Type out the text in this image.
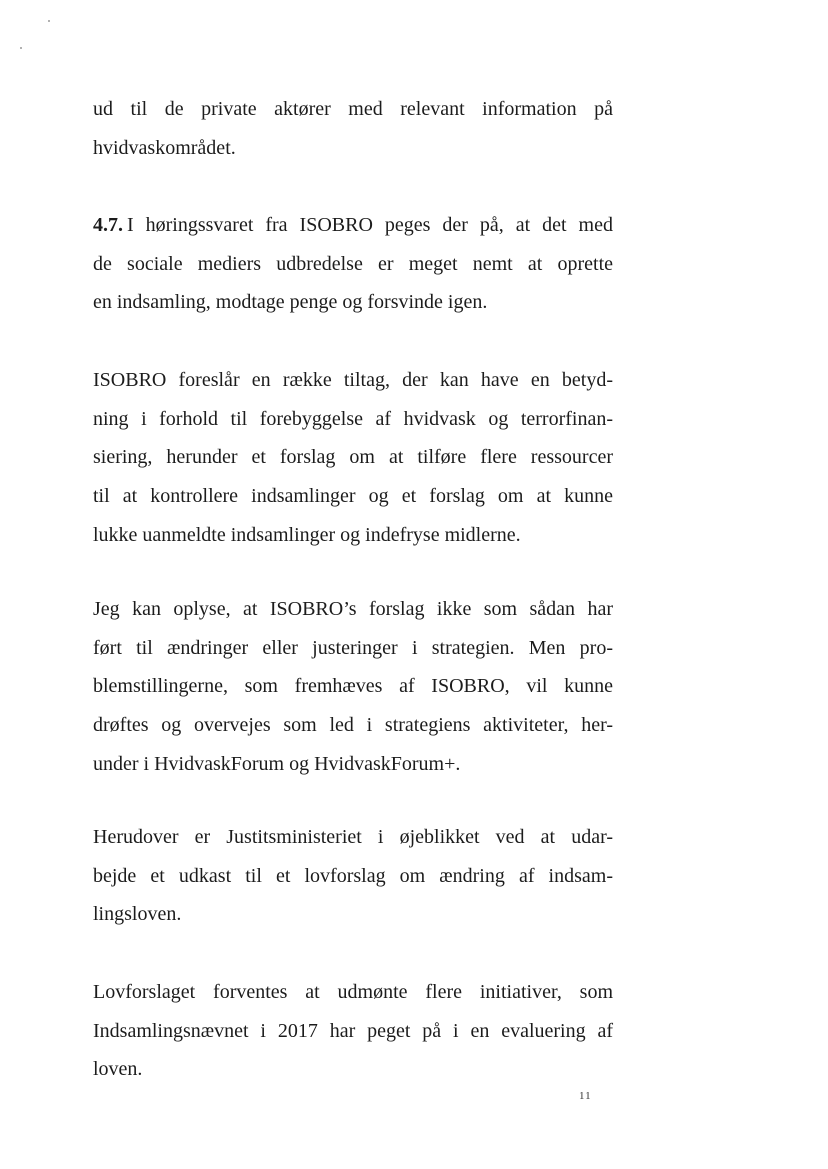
ud til de private aktører med relevant information på
hvidvaskområdet.

4.7. I høringssvaret fra ISOBRO peges der på, at det med
de sociale mediers udbredelse er meget nemt at oprette
en indsamling, modtage penge og forsvinde igen.

ISOBRO foreslår en række tiltag, der kan have en betyd-
ning i forhold til forebyggelse af hvidvask og terrorfinan-
siering, herunder et forslag om at tilføre flere ressourcer
til at kontrollere indsamlinger og et forslag om at kunne
lukke uanmeldte indsamlinger og indefryse midlerne.

Jeg kan oplyse, at ISOBRO’s forslag ikke som sådan har
ført til ændringer eller justeringer i strategien. Men pro-
blemstillingerne, som fremhæves af ISOBRO, vil kunne
drøftes og overvejes som led i strategiens aktiviteter, her-
under i HvidvaskForum og HvidvaskForum+.

Herudover er Justitsministeriet i øjeblikket ved at udar-
bejde et udkast til et lovforslag om ændring af indsam-
lingsloven.

Lovforslaget forventes at udmønte flere initiativer, som
Indsamlingsnævnet i 2017 har peget på i en evaluering af
loven.

11
